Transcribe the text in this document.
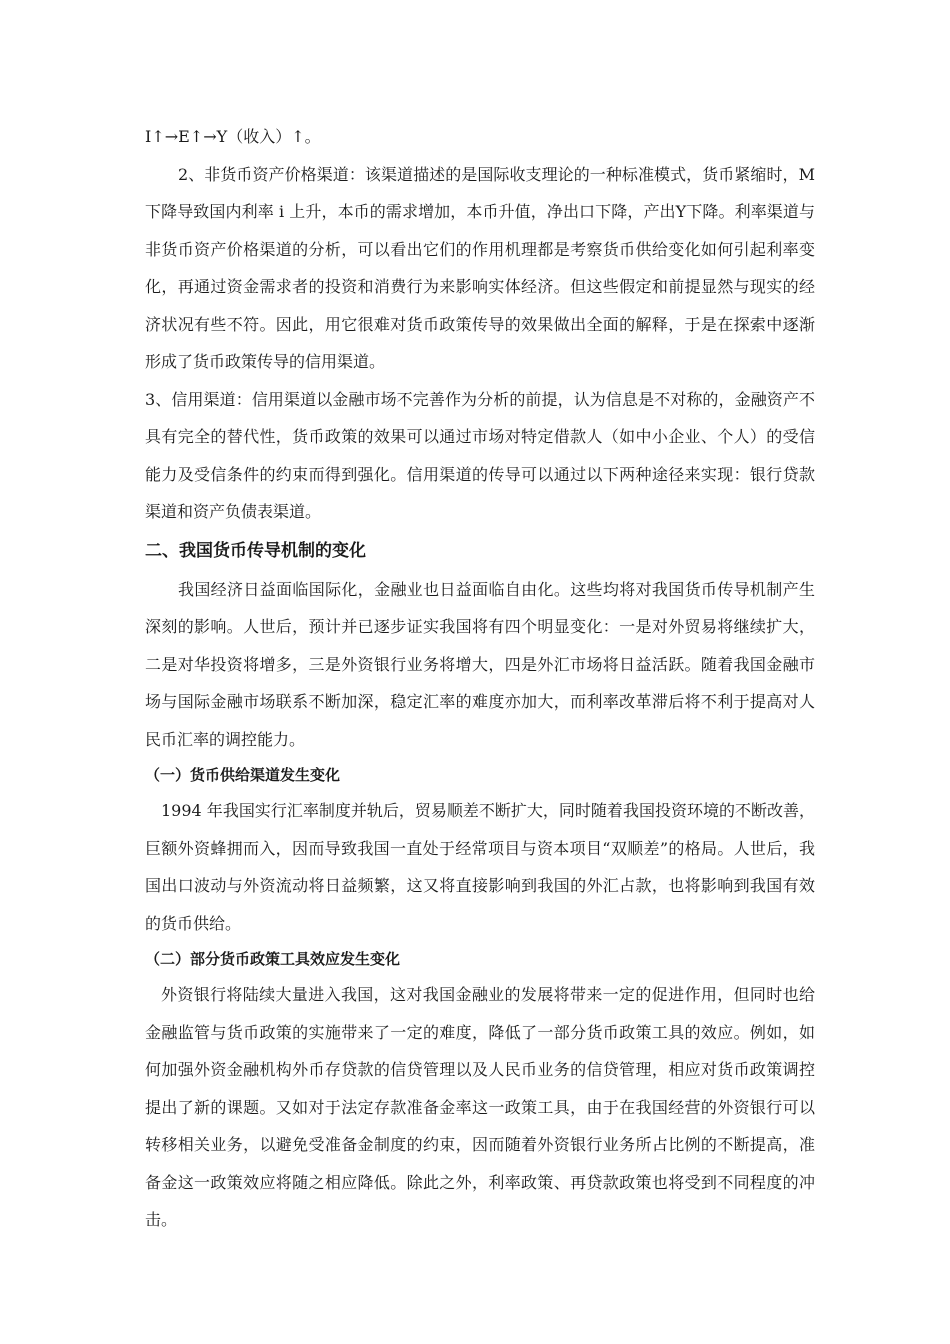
I↑→E↑→Y（收入）↑。

2、非货币资产价格渠道：该渠道描述的是国际收支理论的一种标准模式，货币紧缩时，M下降导致国内利率 i 上升，本币的需求增加，本币升值，净出口下降，产出Y下降。利率渠道与非货币资产价格渠道的分析，可以看出它们的作用机理都是考察货币供给变化如何引起利率变化，再通过资金需求者的投资和消费行为来影响实体经济。但这些假定和前提显然与现实的经济状况有些不符。因此，用它很难对货币政策传导的效果做出全面的解释，于是在探索中逐渐形成了货币政策传导的信用渠道。

3、信用渠道：信用渠道以金融市场不完善作为分析的前提，认为信息是不对称的，金融资产不具有完全的替代性，货币政策的效果可以通过市场对特定借款人（如中小企业、个人）的受信能力及受信条件的约束而得到强化。信用渠道的传导可以通过以下两种途径来实现：银行贷款渠道和资产负债表渠道。

二、我国货币传导机制的变化

我国经济日益面临国际化，金融业也日益面临自由化。这些均将对我国货币传导机制产生深刻的影响。人世后，预计并已逐步证实我国将有四个明显变化：一是对外贸易将继续扩大，二是对华投资将增多，三是外资银行业务将增大，四是外汇市场将日益活跃。随着我国金融市场与国际金融市场联系不断加深，稳定汇率的难度亦加大，而利率改革滞后将不利于提高对人民币汇率的调控能力。

（一）货币供给渠道发生变化

1994 年我国实行汇率制度并轨后，贸易顺差不断扩大，同时随着我国投资环境的不断改善，巨额外资蜂拥而入，因而导致我国一直处于经常项目与资本项目“双顺差”的格局。人世后，我国出口波动与外资流动将日益频繁，这又将直接影响到我国的外汇占款，也将影响到我国有效的货币供给。

（二）部分货币政策工具效应发生变化

外资银行将陆续大量进入我国，这对我国金融业的发展将带来一定的促进作用，但同时也给金融监管与货币政策的实施带来了一定的难度，降低了一部分货币政策工具的效应。例如，如何加强外资金融机构外币存贷款的信贷管理以及人民币业务的信贷管理，相应对货币政策调控提出了新的课题。又如对于法定存款准备金率这一政策工具，由于在我国经营的外资银行可以转移相关业务，以避免受准备金制度的约束，因而随着外资银行业务所占比例的不断提高，准备金这一政策效应将随之相应降低。除此之外，利率政策、再贷款政策也将受到不同程度的冲击。
